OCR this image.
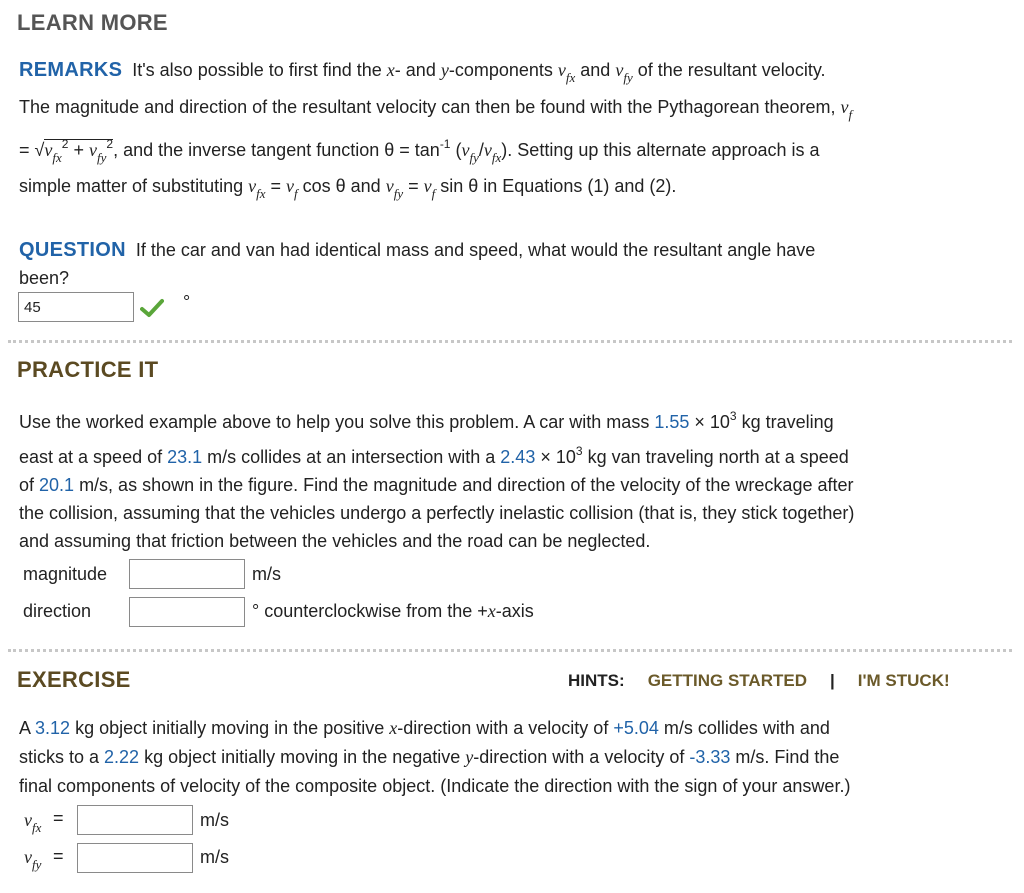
LEARN MORE
REMARKS It's also possible to first find the x- and y-components $v_{fx}$ and $v_{fy}$ of the resultant velocity.
The magnitude and direction of the resultant velocity can then be found with the Pythagorean theorem, $v_f$
= $√v_{fx}^2 + v_{fy}^2$, and the inverse tangent function $\theta = \tan^{-1} (v_{fy}/v_{fx})$. Setting up this alternate approach is a
simple matter of substituting $v_{fx} = v_f$ cos θ and $v_{fy} = v_f$ sin θ in Equations (1) and (2).
QUESTION If the car and van had identical mass and speed, what would the resultant angle have
been?
45
°
PRACTICE IT
Use the worked example above to help you solve this problem. A car with mass $1.55 \times 10^3$ kg traveling
east at a speed of 23.1 m/s collides at an intersection with a $2.43 \times 10^3$ kg van traveling north at a speed
of 20.1 m/s, as shown in the figure. Find the magnitude and direction of the velocity of the wreckage after
the collision, assuming that the vehicles undergo a perfectly inelastic collision (that is, they stick together)
and assuming that friction between the vehicles and the road can be neglected.
magnitude	m/s
direction	° counterclockwise from the +x-axis
EXERCISE	HINTS: GETTING STARTED | I'M STUCK!
A 3.12 kg object initially moving in the positive x-direction with a velocity of +5.04 m/s collides with and
sticks to a 2.22 kg object initially moving in the negative y-direction with a velocity of -3.33 m/s. Find the
final components of velocity of the composite object. (Indicate the direction with the sign of your answer.)
$v_{fx}$ =	m/s
$v_{fy}$ =	m/s
